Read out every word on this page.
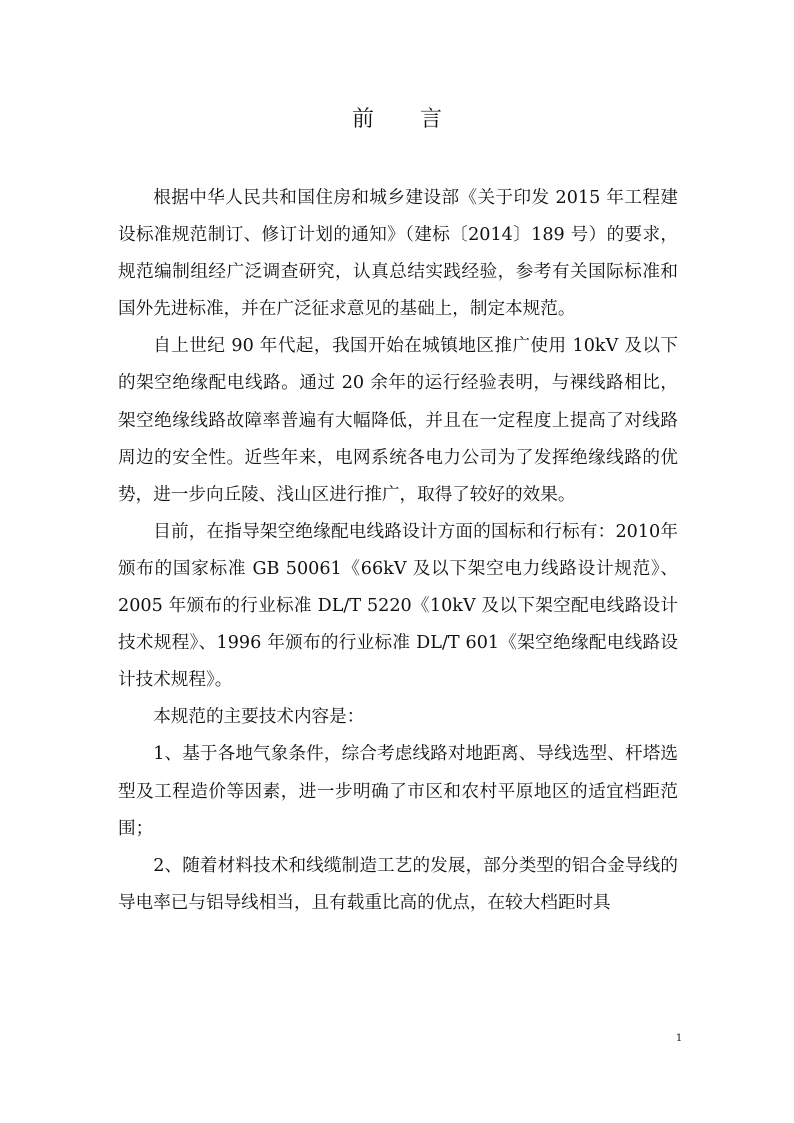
前 言

根据中华人民共和国住房和城乡建设部《关于印发 2015 年工程建设标准规范制订、修订计划的通知》（建标〔2014〕189 号）的要求，规范编制组经广泛调查研究，认真总结实践经验，参考有关国际标准和国外先进标准，并在广泛征求意见的基础上，制定本规范。

自上世纪 90 年代起，我国开始在城镇地区推广使用 10kV 及以下的架空绝缘配电线路。通过 20 余年的运行经验表明，与裸线路相比，架空绝缘线路故障率普遍有大幅降低，并且在一定程度上提高了对线路周边的安全性。近些年来，电网系统各电力公司为了发挥绝缘线路的优势，进一步向丘陵、浅山区进行推广，取得了较好的效果。

目前，在指导架空绝缘配电线路设计方面的国标和行标有：2010年颁布的国家标准 GB 50061《66kV 及以下架空电力线路设计规范》、2005 年颁布的行业标准 DL/T 5220《10kV 及以下架空配电线路设计技术规程》、1996 年颁布的行业标准 DL/T 601《架空绝缘配电线路设计技术规程》。

本规范的主要技术内容是：

1、基于各地气象条件，综合考虑线路对地距离、导线选型、杆塔选型及工程造价等因素，进一步明确了市区和农村平原地区的适宜档距范围；

2、随着材料技术和线缆制造工艺的发展，部分类型的铝合金导线的导电率已与铝导线相当，且有载重比高的优点，在较大档距时具

1
